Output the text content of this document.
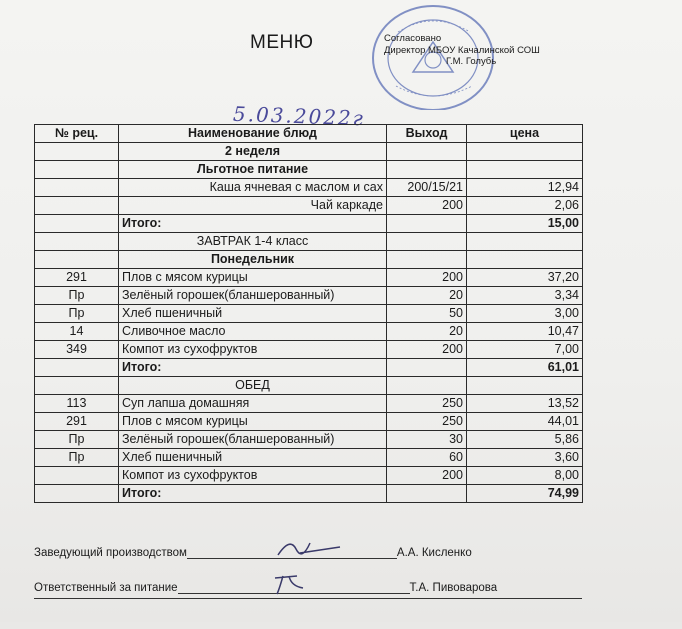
МЕНЮ	Согласовано
Директор МБОУ Качалинской СОШ
Г.М. Голубь
5.03.2022г
№ рец.	Наименование блюд	Выход	цена
	2 неделя		
	Льготное питание		
	Каша ячневая с маслом и сах	200/15/21	12,94
	Чай каркаде	200	2,06
	Итого:		15,00
	ЗАВТРАК 1-4 класс		
	Понедельник		
291	Плов с мясом курицы	200	37,20
Пр	Зелёный горошек(бланшерованный)	20	3,34
Пр	Хлеб пшеничный	50	3,00
14	Сливочное масло	20	10,47
349	Компот из сухофруктов	200	7,00
	Итого:		61,01
	ОБЕД		
113	Суп лапша домашняя	250	13,52
291	Плов с мясом курицы	250	44,01
Пр	Зелёный горошек(бланшерованный)	30	5,86
Пр	Хлеб пшеничный	60	3,60
	Компот из сухофруктов	200	8,00
	Итого:		74,99
Заведующий производством	А.А. Кисленко
Ответственный за питание	Т.А. Пивоварова
